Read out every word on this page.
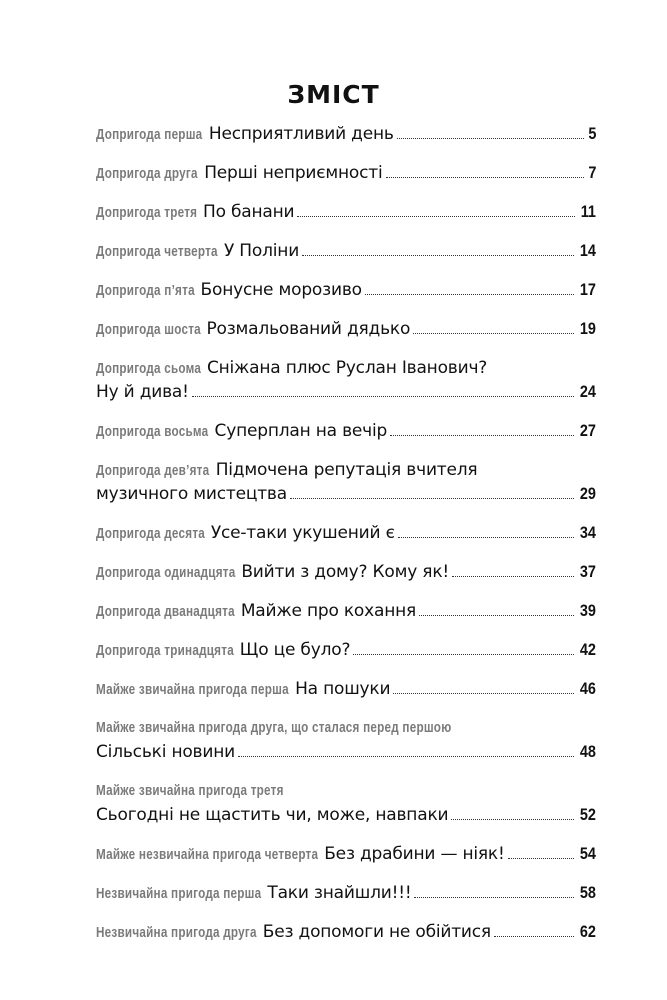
ЗМІСТ
Допригода перша Несприятливий день	5
Допригода друга Перші неприємності	7
Допригода третя По банани	11
Допригода четверта У Поліни	14
Допригода п’ята Бонусне морозиво	17
Допригода шоста Розмальований дядько	19
Допригода сьома Сніжана плюс Руслан Іванович?
Ну й дива!	24
Допригода восьма Суперплан на вечір	27
Допригода дев’ята Підмочена репутація вчителя
музичного мистецтва	29
Допригода десята Усе-таки укушений є	34
Допригода одинадцята Вийти з дому? Кому як!	37
Допригода дванадцята Майже про кохання	39
Допригода тринадцята Що це було?	42
Майже звичайна пригода перша На пошуки	46
Майже звичайна пригода друга, що сталася перед першою
Сільські новини	48
Майже звичайна пригода третя
Сьогодні не щастить чи, може, навпаки	52
Майже незвичайна пригода четверта Без драбини — ніяк!	54
Незвичайна пригода перша Таки знайшли!!!	58
Незвичайна пригода друга Без допомоги не обійтися	62
